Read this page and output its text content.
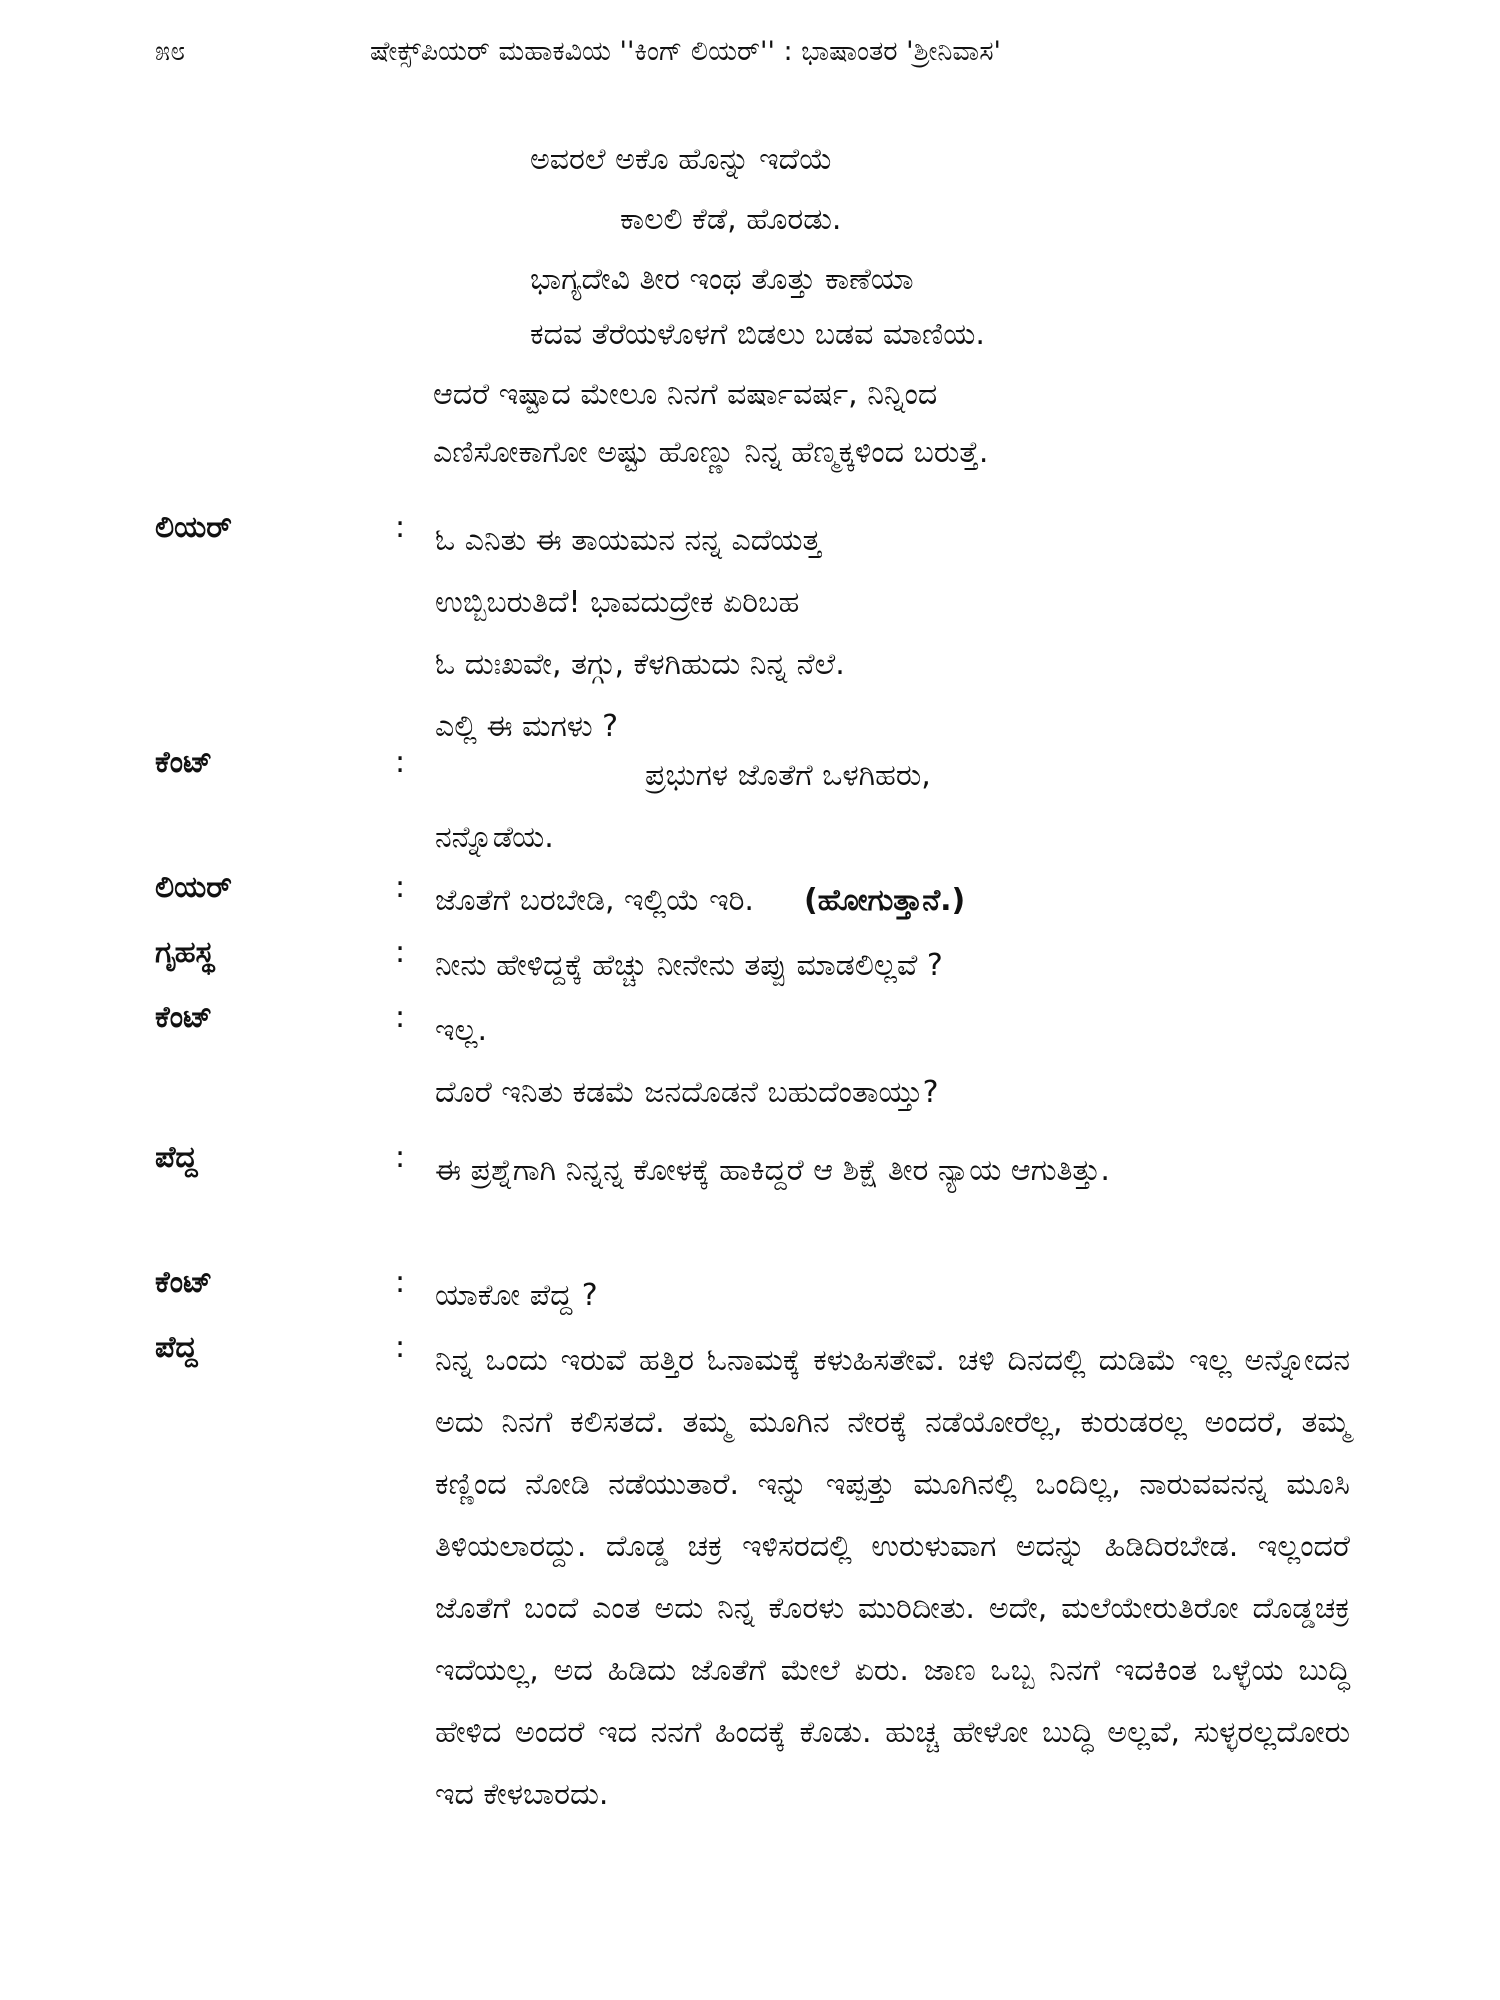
೫೮	ಷೇಕ್ಸ್‌ಪಿಯರ್ ಮಹಾಕವಿಯ ''ಕಿಂಗ್ ಲಿಯರ್'' : ಭಾಷಾಂತರ 'ಶ್ರೀನಿವಾಸ'
ಅವರಲೆ ಅಕೊ ಹೊನ್ನು ಇದೆಯೆ
ಕಾಲಲಿ ಕೆಡೆ, ಹೊರಡು.
ಭಾಗ್ಯದೇವಿ ತೀರ ಇಂಥ ತೊತ್ತು ಕಾಣೆಯಾ
ಕದವ ತೆರೆಯಳೊಳಗೆ ಬಿಡಲು ಬಡವ ಮಾಣಿಯ.
ಆದರೆ ಇಷ್ಟಾದ ಮೇಲೂ ನಿನಗೆ ವರ್ಷಾವರ್ಷ, ನಿನ್ನಿಂದ
ಎಣಿಸೋಕಾಗೋ ಅಷ್ಟು ಹೊಣ್ಣು ನಿನ್ನ ಹೆಣ್ಮಕ್ಕಳಿಂದ ಬರುತ್ತೆ.
ಲಿಯರ್	: ಓ ಎನಿತು ಈ ತಾಯಮನ ನನ್ನ ಎದೆಯತ್ತ

ಉಬ್ಬಿಬರುತಿದೆ! ಭಾವದುದ್ರೇಕ ಏರಿಬಹ

ಓ ದುಃಖವೇ, ತಗ್ಗು, ಕೆಳಗಿಹುದು ನಿನ್ನ ನೆಲೆ.

ಎಲ್ಲಿ ಈ ಮಗಳು ?

ಕೆಂಟ್	:	ಪ್ರಭುಗಳ ಜೊತೆಗೆ ಒಳಗಿಹರು,

ನನ್ನೊಡೆಯ.

ಲಿಯರ್	: ಜೊತೆಗೆ ಬರಬೇಡಿ, ಇಲ್ಲಿಯೆ ಇರಿ. (ಹೋಗುತ್ತಾನೆ.)

ಗೃಹಸ್ಥ	: ನೀನು ಹೇಳಿದ್ದಕ್ಕೆ ಹೆಚ್ಚು ನೀನೇನು ತಪ್ಪು ಮಾಡಲಿಲ್ಲವೆ ?

ಕೆಂಟ್	: ಇಲ್ಲ.

ದೊರೆ ಇನಿತು ಕಡಮೆ ಜನದೊಡನೆ ಬಹುದೆಂತಾಯ್ತು?

ಪೆದ್ದ	: ಈ ಪ್ರಶ್ನೆಗಾಗಿ ನಿನ್ನನ್ನ ಕೋಳಕ್ಕೆ ಹಾಕಿದ್ದರೆ ಆ ಶಿಕ್ಷೆ ತೀರ ನ್ಯಾಯ ಆಗುತಿತ್ತು.
ಕೆಂಟ್	: ಯಾಕೋ ಪೆದ್ದ ?

ಪೆದ್ದ	: ನಿನ್ನ ಒಂದು ಇರುವೆ ಹತ್ತಿರ ಓನಾಮಕ್ಕೆ ಕಳುಹಿಸತೇವೆ. ಚಳಿ ದಿನದಲ್ಲಿ ದುಡಿಮೆ ಇಲ್ಲ ಅನ್ನೋದನ ಅದು ನಿನಗೆ ಕಲಿಸತದೆ. ತಮ್ಮ ಮೂಗಿನ ನೇರಕ್ಕೆ ನಡೆಯೋರೆಲ್ಲ, ಕುರುಡರಲ್ಲ ಅಂದರೆ, ತಮ್ಮ ಕಣ್ಣಿಂದ ನೋಡಿ ನಡೆಯುತಾರೆ. ಇನ್ನು ಇಪ್ಪತ್ತು ಮೂಗಿನಲ್ಲಿ ಒಂದಿಲ್ಲ, ನಾರುವವನನ್ನ ಮೂಸಿ ತಿಳಿಯಲಾರದ್ದು. ದೊಡ್ಡ ಚಕ್ರ ಇಳಿಸರದಲ್ಲಿ ಉರುಳುವಾಗ ಅದನ್ನು ಹಿಡಿದಿರಬೇಡ. ಇಲ್ಲಂದರೆ ಜೊತೆಗೆ ಬಂದೆ ಎಂತ ಅದು ನಿನ್ನ ಕೊರಳು ಮುರಿದೀತು. ಅದೇ, ಮಲೆಯೇರುತಿರೋ ದೊಡ್ಡಚಕ್ರ ಇದೆಯಲ್ಲ, ಅದ ಹಿಡಿದು ಜೊತೆಗೆ ಮೇಲೆ ಏರು. ಜಾಣ ಒಬ್ಬ ನಿನಗೆ ಇದಕಿಂತ ಒಳ್ಳೆಯ ಬುದ್ಧಿ ಹೇಳಿದ ಅಂದರೆ ಇದ ನನಗೆ ಹಿಂದಕ್ಕೆ ಕೊಡು. ಹುಚ್ಚ ಹೇಳೋ ಬುದ್ಧಿ ಅಲ್ಲವೆ, ಸುಳ್ಳರಲ್ಲದೋರು ಇದ ಕೇಳಬಾರದು.
